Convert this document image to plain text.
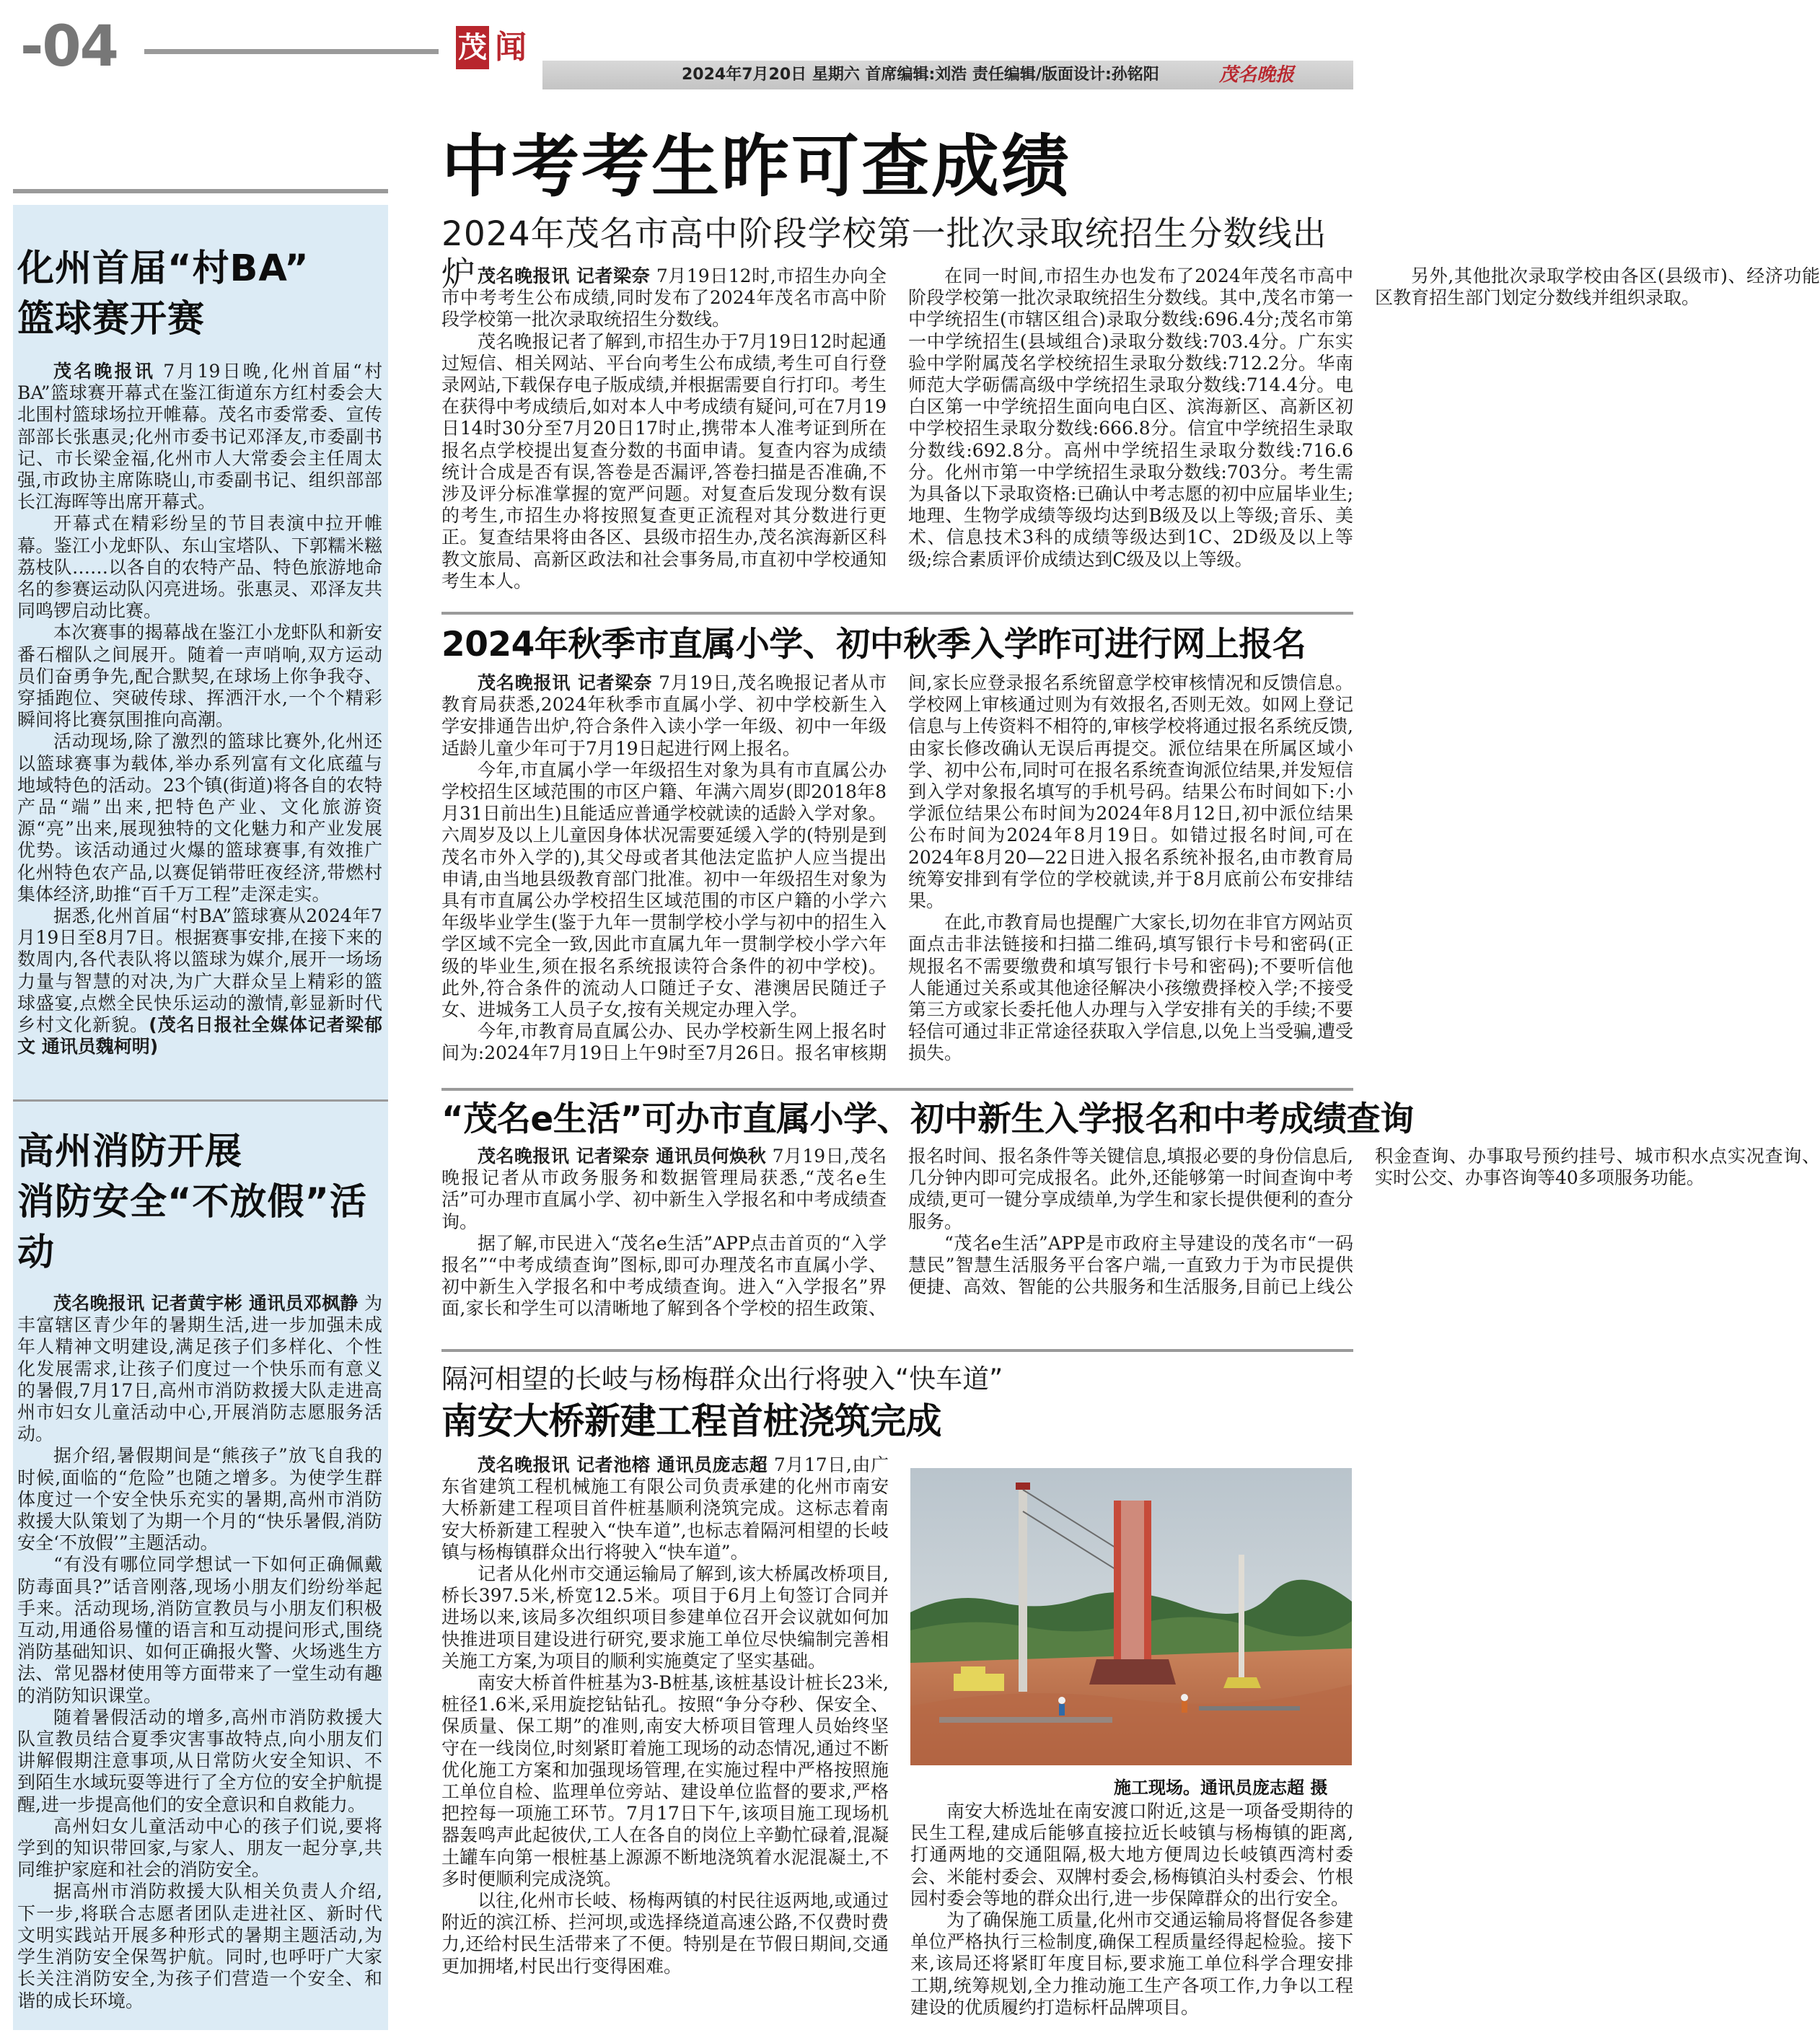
-04	茂 闻
2024年7月20日 星期六 首席编辑:刘浩 责任编辑/版面设计:孙铭阳	茂名晚报
化州首届“村BA”
篮球赛开赛

茂名晚报讯 7月19日晚,化州首届“村BA”篮球赛开幕式在鉴江街道东方红村委会大北围村篮球场拉开帷幕。茂名市委常委、宣传部部长张惠灵;化州市委书记邓泽友,市委副书记、市长梁金福,化州市人大常委会主任周太强,市政协主席陈晓山,市委副书记、组织部部长江海晖等出席开幕式。

开幕式在精彩纷呈的节目表演中拉开帷幕。鉴江小龙虾队、东山宝塔队、下郭糯米糍荔枝队……以各自的农特产品、特色旅游地命名的参赛运动队闪亮进场。张惠灵、邓泽友共同鸣锣启动比赛。

本次赛事的揭幕战在鉴江小龙虾队和新安番石榴队之间展开。随着一声哨响,双方运动员们奋勇争先,配合默契,在球场上你争我夺、穿插跑位、突破传球、挥洒汗水,一个个精彩瞬间将比赛氛围推向高潮。

活动现场,除了激烈的篮球比赛外,化州还以篮球赛事为载体,举办系列富有文化底蕴与地域特色的活动。23个镇(街道)将各自的农特产品“端”出来,把特色产业、文化旅游资源“亮”出来,展现独特的文化魅力和产业发展优势。该活动通过火爆的篮球赛事,有效推广化州特色农产品,以赛促销带旺夜经济,带燃村集体经济,助推“百千万工程”走深走实。

据悉,化州首届“村BA”篮球赛从2024年7月19日至8月7日。根据赛事安排,在接下来的数周内,各代表队将以篮球为媒介,展开一场场力量与智慧的对决,为广大群众呈上精彩的篮球盛宴,点燃全民快乐运动的激情,彰显新时代乡村文化新貌。(茂名日报社全媒体记者梁郁文 通讯员魏柯明)

高州消防开展
消防安全“不放假”活动

茂名晚报讯 记者黄宇彬 通讯员邓枫静 为丰富辖区青少年的暑期生活,进一步加强未成年人精神文明建设,满足孩子们多样化、个性化发展需求,让孩子们度过一个快乐而有意义的暑假,7月17日,高州市消防救援大队走进高州市妇女儿童活动中心,开展消防志愿服务活动。

据介绍,暑假期间是“熊孩子”放飞自我的时候,面临的“危险”也随之增多。为使学生群体度过一个安全快乐充实的暑期,高州市消防救援大队策划了为期一个月的“快乐暑假,消防安全‘不放假’”主题活动。

“有没有哪位同学想试一下如何正确佩戴防毒面具?”话音刚落,现场小朋友们纷纷举起手来。活动现场,消防宣教员与小朋友们积极互动,用通俗易懂的语言和互动提问形式,围绕消防基础知识、如何正确报火警、火场逃生方法、常见器材使用等方面带来了一堂生动有趣的消防知识课堂。

随着暑假活动的增多,高州市消防救援大队宣教员结合夏季灾害事故特点,向小朋友们讲解假期注意事项,从日常防火安全知识、不到陌生水域玩耍等进行了全方位的安全护航提醒,进一步提高他们的安全意识和自救能力。

高州妇女儿童活动中心的孩子们说,要将学到的知识带回家,与家人、朋友一起分享,共同维护家庭和社会的消防安全。

据高州市消防救援大队相关负责人介绍,下一步,将联合志愿者团队走进社区、新时代文明实践站开展多种形式的暑期主题活动,为学生消防安全保驾护航。同时,也呼吁广大家长关注消防安全,为孩子们营造一个安全、和谐的成长环境。

中考考生昨可查成绩
2024年茂名市高中阶段学校第一批次录取统招生分数线出炉 茂名晚报讯 记者梁奈 7月19日12时,市招生办向全市中考考生公布成绩,同时发布了2024年茂名市高中阶段学校第一批次录取统招生分数线。

茂名晚报记者了解到,市招生办于7月19日12时起通过短信、相关网站、平台向考生公布成绩,考生可自行登录网站,下载保存电子版成绩,并根据需要自行打印。考生在获得中考成绩后,如对本人中考成绩有疑问,可在7月19日14时30分至7月20日17时止,携带本人准考证到所在报名点学校提出复查分数的书面申请。复查内容为成绩统计合成是否有误,答卷是否漏评,答卷扫描是否准确,不涉及评分标准掌握的宽严问题。对复查后发现分数有误的考生,市招生办将按照复查更正流程对其分数进行更正。复查结果将由各区、县级市招生办,茂名滨海新区科教文旅局、高新区政法和社会事务局,市直初中学校通知考生本人。

在同一时间,市招生办也发布了2024年茂名市高中阶段学校第一批次录取统招生分数线。其中,茂名市第一中学统招生(市辖区组合)录取分数线:696.4分;茂名市第一中学统招生(县域组合)录取分数线:703.4分。广东实验中学附属茂名学校统招生录取分数线:712.2分。华南师范大学砺儒高级中学统招生录取分数线:714.4分。电白区第一中学统招生面向电白区、滨海新区、高新区初中学校招生录取分数线:666.8分。信宜中学统招生录取分数线:692.8分。高州中学统招生录取分数线:716.6分。化州市第一中学统招生录取分数线:703分。考生需为具备以下录取资格:已确认中考志愿的初中应届毕业生;地理、生物学成绩等级均达到B级及以上等级;音乐、美术、信息技术3科的成绩等级达到1C、2D级及以上等级;综合素质评价成绩达到C级及以上等级。

另外,其他批次录取学校由各区(县级市)、经济功能区教育招生部门划定分数线并组织录取。

2024年秋季市直属小学、初中秋季入学昨可进行网上报名

茂名晚报讯 记者梁奈 7月19日,茂名晚报记者从市教育局获悉,2024年秋季市直属小学、初中学校新生入学安排通告出炉,符合条件入读小学一年级、初中一年级适龄儿童少年可于7月19日起进行网上报名。

今年,市直属小学一年级招生对象为具有市直属公办学校招生区域范围的市区户籍、年满六周岁(即2018年8月31日前出生)且能适应普通学校就读的适龄入学对象。六周岁及以上儿童因身体状况需要延缓入学的(特别是到茂名市外入学的),其父母或者其他法定监护人应当提出申请,由当地县级教育部门批准。初中一年级招生对象为具有市直属公办学校招生区域范围的市区户籍的小学六年级毕业学生(鉴于九年一贯制学校小学与初中的招生入学区域不完全一致,因此市直属九年一贯制学校小学六年级的毕业生,须在报名系统报读符合条件的初中学校)。此外,符合条件的流动人口随迁子女、港澳居民随迁子女、进城务工人员子女,按有关规定办理入学。

今年,市教育局直属公办、民办学校新生网上报名时间为:2024年7月19日上午9时至7月26日。报名审核期间,家长应登录报名系统留意学校审核情况和反馈信息。学校网上审核通过则为有效报名,否则无效。如网上登记信息与上传资料不相符的,审核学校将通过报名系统反馈,由家长修改确认无误后再提交。派位结果在所属区域小学、初中公布,同时可在报名系统查询派位结果,并发短信到入学对象报名填写的手机号码。结果公布时间如下:小学派位结果公布时间为2024年8月12日,初中派位结果公布时间为2024年8月19日。如错过报名时间,可在2024年8月20—22日进入报名系统补报名,由市教育局统筹安排到有学位的学校就读,并于8月底前公布安排结果。

在此,市教育局也提醒广大家长,切勿在非官方网站页面点击非法链接和扫描二维码,填写银行卡号和密码(正规报名不需要缴费和填写银行卡号和密码);不要听信他人能通过关系或其他途径解决小孩缴费择校入学;不接受第三方或家长委托他人办理与入学安排有关的手续;不要轻信可通过非正常途径获取入学信息,以免上当受骗,遭受损失。

“茂名e生活”可办市直属小学、初中新生入学报名和中考成绩查询

茂名晚报讯 记者梁奈 通讯员何焕秋 7月19日,茂名晚报记者从市政务服务和数据管理局获悉,“茂名e生活”可办理市直属小学、初中新生入学报名和中考成绩查询。

据了解,市民进入“茂名e生活”APP点击首页的“入学报名”“中考成绩查询”图标,即可办理茂名市直属小学、初中新生入学报名和中考成绩查询。进入“入学报名”界面,家长和学生可以清晰地了解到各个学校的招生政策、报名时间、报名条件等关键信息,填报必要的身份信息后,几分钟内即可完成报名。此外,还能够第一时间查询中考成绩,更可一键分享成绩单,为学生和家长提供便利的查分服务。

“茂名e生活”APP是市政府主导建设的茂名市“一码慧民”智慧生活服务平台客户端,一直致力于为市民提供便捷、高效、智能的公共服务和生活服务,目前已上线公积金查询、办事取号预约挂号、城市积水点实况查询、实时公交、办事咨询等40多项服务功能。

隔河相望的长岐与杨梅群众出行将驶入“快车道”
南安大桥新建工程首桩浇筑完成

茂名晚报讯 记者池榕 通讯员庞志超 7月17日,由广东省建筑工程机械施工有限公司负责承建的化州市南安大桥新建工程项目首件桩基顺利浇筑完成。这标志着南安大桥新建工程驶入“快车道”,也标志着隔河相望的长岐镇与杨梅镇群众出行将驶入“快车道”。

记者从化州市交通运输局了解到,该大桥属改桥项目,桥长397.5米,桥宽12.5米。项目于6月上旬签订合同并进场以来,该局多次组织项目参建单位召开会议就如何加快推进项目建设进行研究,要求施工单位尽快编制完善相关施工方案,为项目的顺利实施奠定了坚实基础。

南安大桥首件桩基为3-B桩基,该桩基设计桩长23米,桩径1.6米,采用旋挖钻钻孔。按照“争分夺秒、保安全、保质量、保工期”的准则,南安大桥项目管理人员始终坚守在一线岗位,时刻紧盯着施工现场的动态情况,通过不断优化施工方案和加强现场管理,在实施过程中严格按照施工单位自检、监理单位旁站、建设单位监督的要求,严格把控每一项施工环节。7月17日下午,该项目施工现场机器轰鸣声此起彼伏,工人在各自的岗位上辛勤忙碌着,混凝土罐车向第一根桩基上源源不断地浇筑着水泥混凝土,不多时便顺利完成浇筑。

以往,化州市长岐、杨梅两镇的村民往返两地,或通过附近的滨江桥、拦河坝,或选择绕道高速公路,不仅费时费力,还给村民生活带来了不便。特别是在节假日期间,交通更加拥堵,村民出行变得困难。

施工现场。通讯员庞志超 摄

南安大桥选址在南安渡口附近,这是一项备受期待的民生工程,建成后能够直接拉近长岐镇与杨梅镇的距离,打通两地的交通阻隔,极大地方便周边长岐镇西湾村委会、米能村委会、双牌村委会,杨梅镇泊头村委会、竹根园村委会等地的群众出行,进一步保障群众的出行安全。

为了确保施工质量,化州市交通运输局将督促各参建单位严格执行三检制度,确保工程质量经得起检验。接下来,该局还将紧盯年度目标,要求施工单位科学合理安排工期,统筹规划,全力推动施工生产各项工作,力争以工程建设的优质履约打造标杆品牌项目。
